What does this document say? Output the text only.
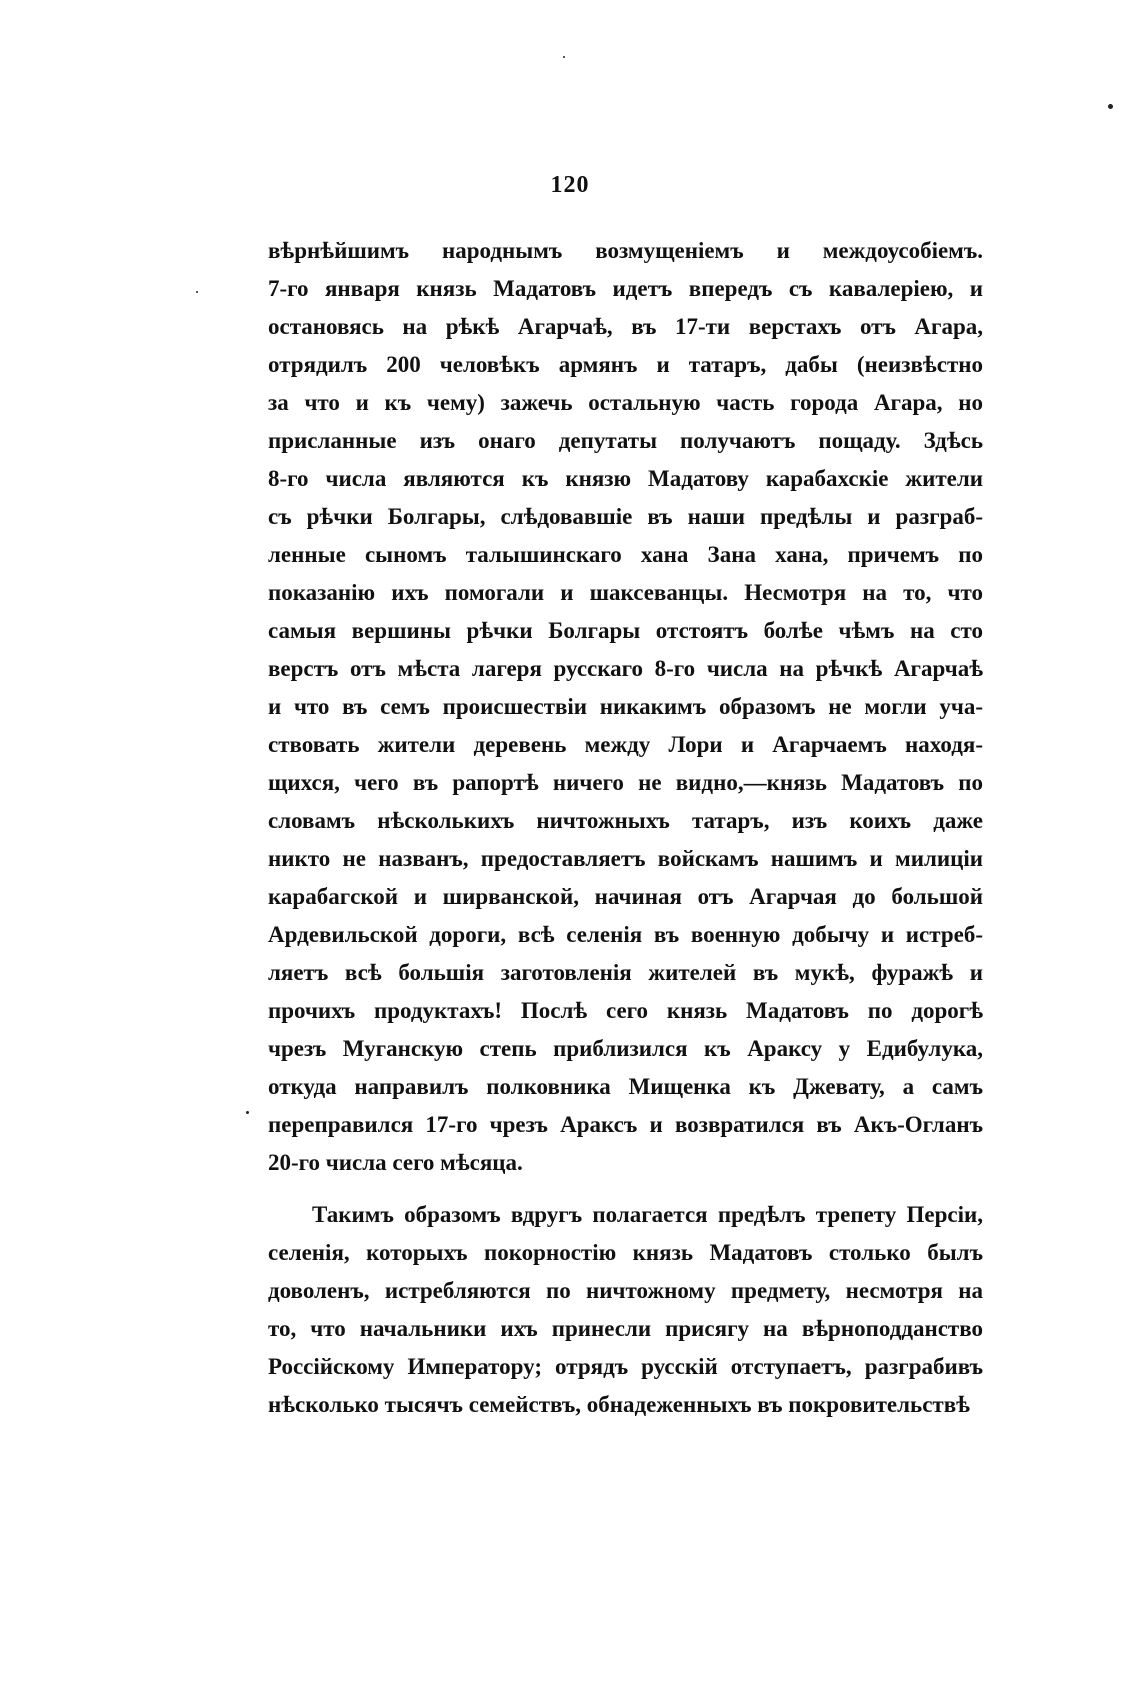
120
вѣрнѣйшимъ народнымъ возмущеніемъ и междоусобіемъ.
7-го января князь Мадатовъ идетъ впередъ съ кавалеріею, и
остановясь на рѣкѣ Агарчаѣ, въ 17-ти верстахъ отъ Агара,
отрядилъ 200 человѣкъ армянъ и татаръ, дабы (неизвѣстно
за что и къ чему) зажечь остальную часть города Агара, но
присланные изъ онаго депутаты получаютъ пощаду. Здѣсь
8-го числа являются къ князю Мадатову карабахскіе жители
съ рѣчки Болгары, слѣдовавшіе въ наши предѣлы и разграб-
ленные сыномъ талышинскаго хана Зана хана, причемъ по
показанію ихъ помогали и шаксеванцы. Несмотря на то, что
самыя вершины рѣчки Болгары отстоятъ болѣе чѣмъ на сто
верстъ отъ мѣста лагеря русскаго 8-го числа на рѣчкѣ Агарчаѣ
и что въ семъ происшествіи никакимъ образомъ не могли уча-
ствовать жители деревень между Лори и Агарчаемъ находя-
щихся, чего въ рапортѣ ничего не видно,—князь Мадатовъ по
словамъ нѣсколькихъ ничтожныхъ татаръ, изъ коихъ даже
никто не названъ, предоставляетъ войскамъ нашимъ и милиціи
карабагской и ширванской, начиная отъ Агарчая до большой
Ардевильской дороги, всѣ селенія въ военную добычу и истреб-
ляетъ всѣ большія заготовленія жителей въ мукѣ, фуражѣ и
прочихъ продуктахъ! Послѣ сего князь Мадатовъ по дорогѣ
чрезъ Муганскую степь приблизился къ Араксу у Едибулука,
откуда направилъ полковника Мищенка къ Джевату, а самъ
переправился 17-го чрезъ Араксъ и возвратился въ Акъ-Огланъ
20-го числа сего мѣсяца.
Такимъ образомъ вдругъ полагается предѣлъ трепету Персіи,
селенія, которыхъ покорностію князь Мадатовъ столько былъ
доволенъ, истребляются по ничтожному предмету, несмотря на
то, что начальники ихъ принесли присягу на вѣрноподданство
Россійскому Императору; отрядъ русскій отступаетъ, разграбивъ
нѣсколько тысячъ семействъ, обнадеженныхъ въ покровительствѣ
